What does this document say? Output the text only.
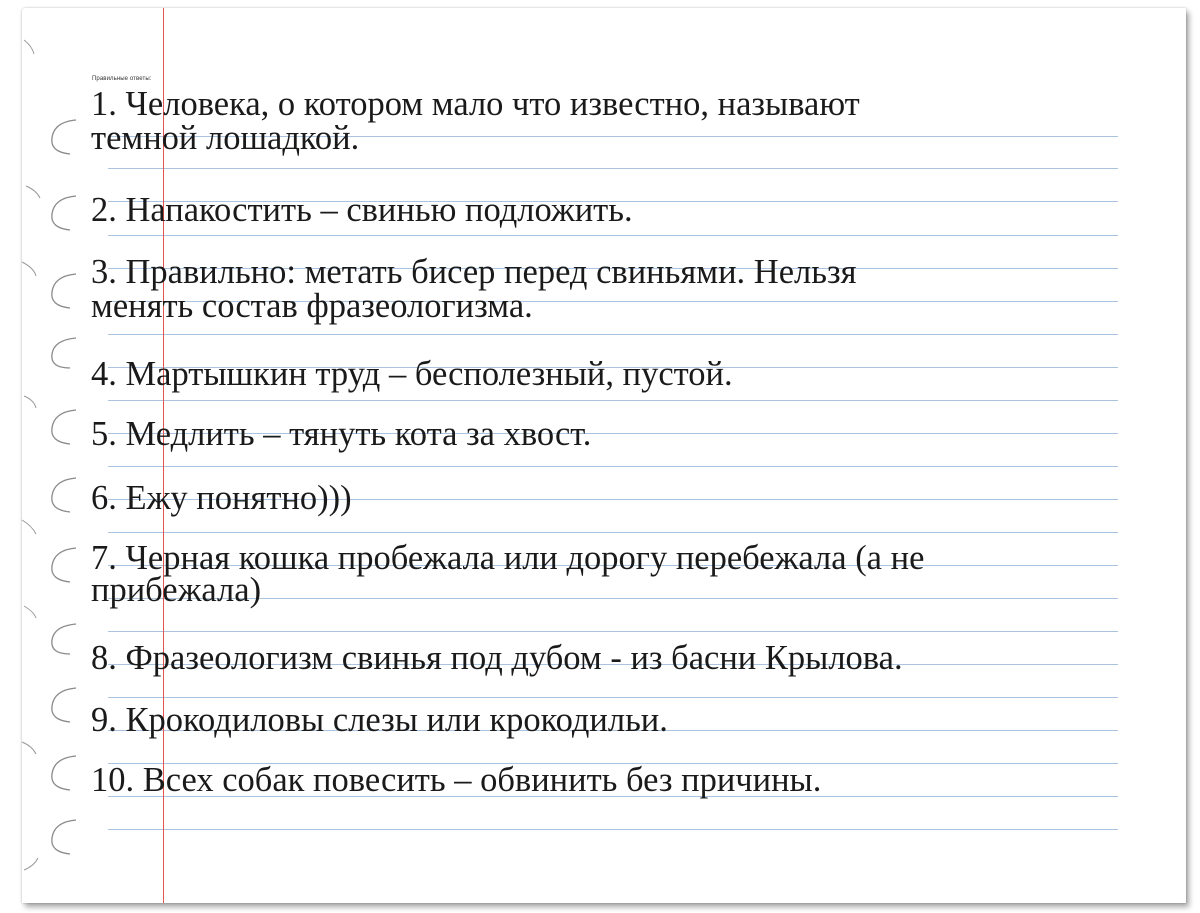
Правильные ответы:

1. Человека, о котором мало что известно, называют

темной лошадкой.

2. Напакостить – свинью подложить.

3. Правильно: метать бисер перед свиньями. Нельзя

менять состав фразеологизма.

4. Мартышкин труд – бесполезный, пустой.

5. Медлить – тянуть кота за хвост.

6. Ежу понятно)))

7. Черная кошка пробежала или дорогу перебежала (а не

прибежала)

8. Фразеологизм свинья под дубом - из басни Крылова.

9. Крокодиловы слезы или крокодильи.

10. Всех собак повесить – обвинить без причины.
